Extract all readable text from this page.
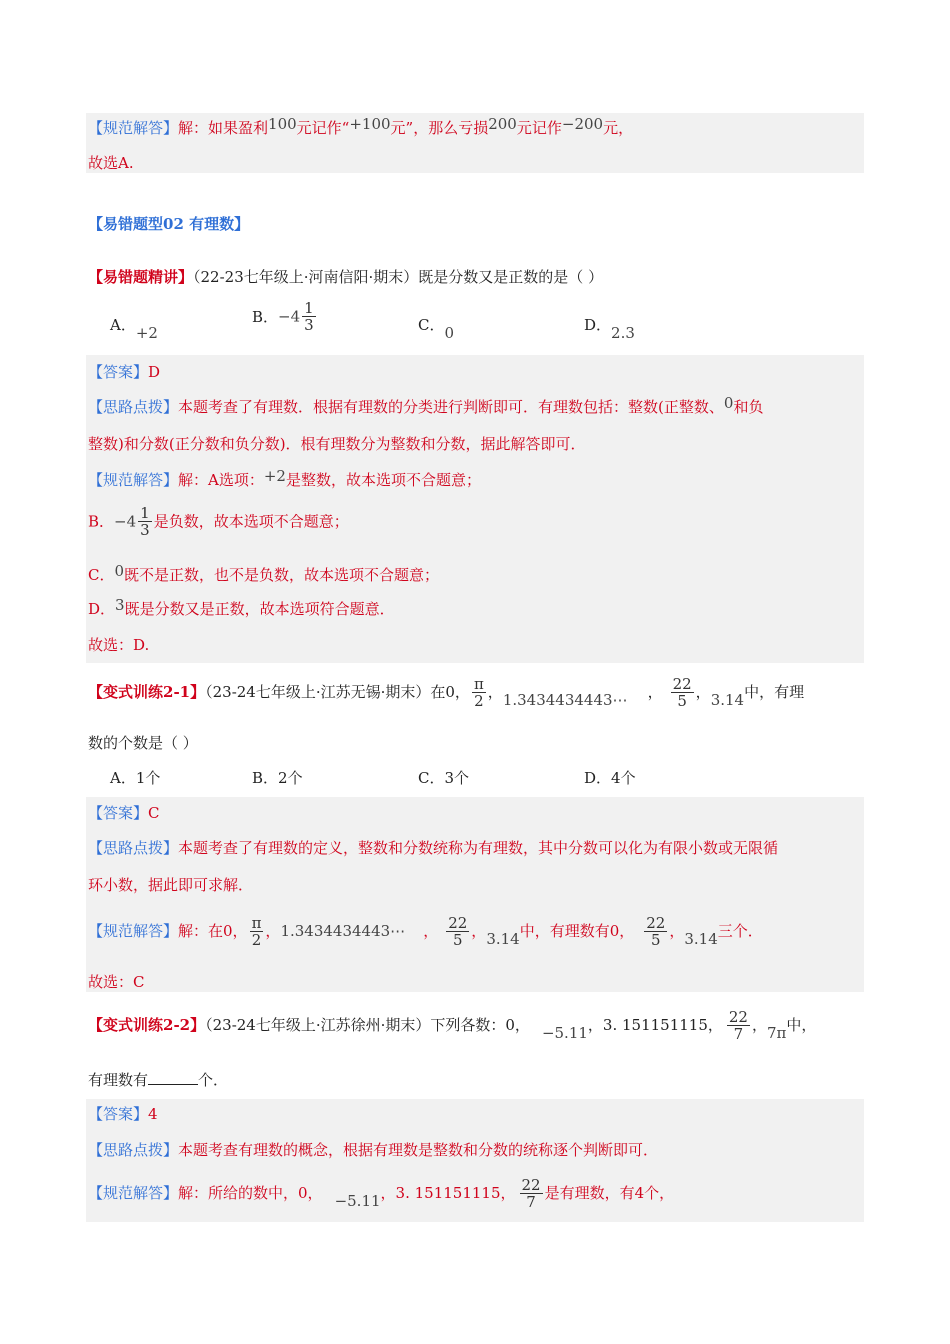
【规范解答】解：如果盈利100元记作“+100元”，那么亏损200元记作−200元，
故选A.
【易错题型02 有理数】
【易错题精讲】（22-23七年级上·河南信阳·期末）既是分数又是正数的是（ ）
A．+2
B．$-4 \frac{1}{3}$	C．0	D．2.3
【答案】D
【思路点拨】本题考查了有理数．根据有理数的分类进行判断即可．有理数包括：整数(正整数、0和负
整数)和分数(正分数和负分数)．根有理数分为整数和分数，据此解答即可．
【规范解答】解：A选项：+2是整数，故本选项不合题意；
B．$-4 \frac{1}{3}$ 是负数，故本选项不合题意；
C．0既不是正数，也不是负数，故本选项不合题意；
D．3既是分数又是正数，故本选项符合题意．
故选：D.
【变式训练2-1】（23-24七年级上·江苏无锡·期末）在0， $\frac{\pi}{2}$ ，1.3434434443⋯ ， $\frac{22}{5}$ ，3.14中，有理
数的个数是（ ）
A．1个	B．2个	C．3个	D．4个
【答案】C
【思路点拨】本题考查了有理数的定义，整数和分数统称为有理数，其中分数可以化为有限小数或无限循
环小数，据此即可求解．
【规范解答】解：在0， $\frac{\pi}{2}$ ，1.3434434443⋯ ， $\frac{22}{5}$ ，3.14中，有理数有0， $\frac{22}{5}$ ，3.14三个．
故选：C
【变式训练2-2】（23-24七年级上·江苏徐州·期末）下列各数：0， −5.11，3. 151151115， $\frac{22}{7}$ ，7π中，
有理数有	个．
【答案】4
【思路点拨】本题考查有理数的概念，根据有理数是整数和分数的统称逐个判断即可．
【规范解答】解：所给的数中，0， −5.11，3. 151151115， $\frac{22}{7}$ 是有理数，有4个，
